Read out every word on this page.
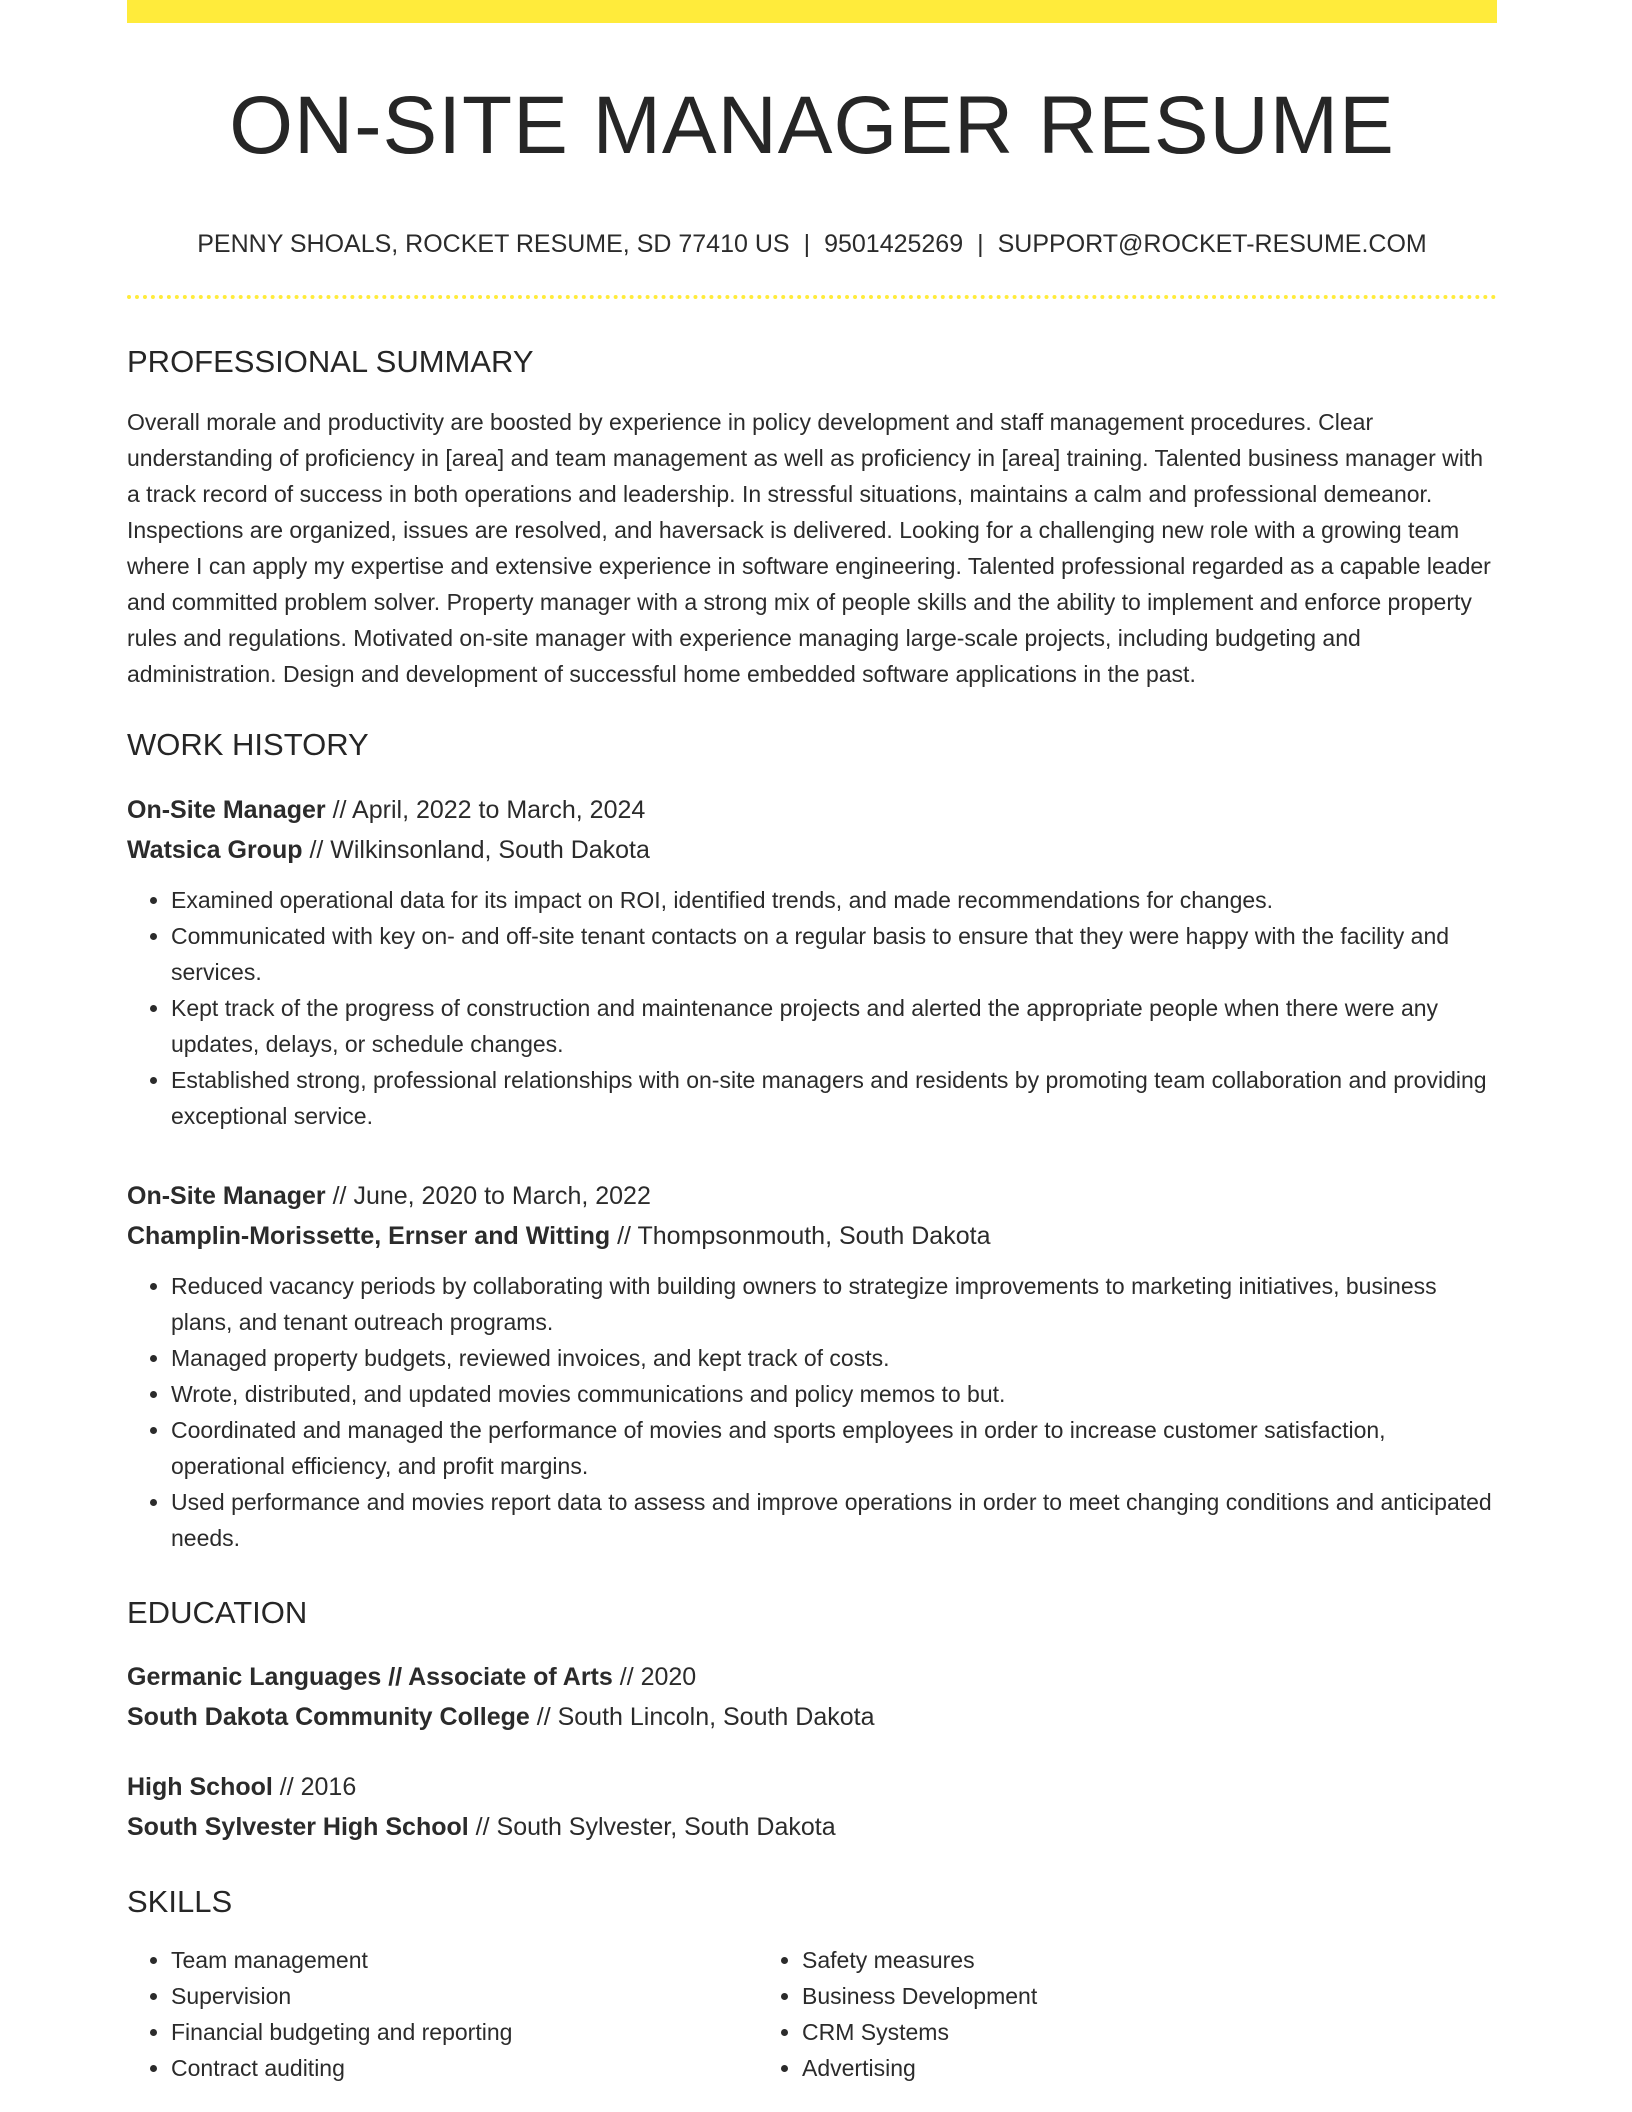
ON-SITE MANAGER RESUME
PENNY SHOALS, ROCKET RESUME, SD 77410 US | 9501425269 | SUPPORT@ROCKET-RESUME.COM
PROFESSIONAL SUMMARY

Overall morale and productivity are boosted by experience in policy development and staff management procedures. Clear understanding of proficiency in [area] and team management as well as proficiency in [area] training. Talented business manager with a track record of success in both operations and leadership. In stressful situations, maintains a calm and professional demeanor. Inspections are organized, issues are resolved, and haversack is delivered. Looking for a challenging new role with a growing team where I can apply my expertise and extensive experience in software engineering. Talented professional regarded as a capable leader and committed problem solver. Property manager with a strong mix of people skills and the ability to implement and enforce property rules and regulations. Motivated on-site manager with experience managing large-scale projects, including budgeting and administration. Design and development of successful home embedded software applications in the past.

WORK HISTORY
On-Site Manager // April, 2022 to March, 2024
Watsica Group // Wilkinsonland, South Dakota
• Examined operational data for its impact on ROI, identified trends, and made recommendations for changes.
• Communicated with key on- and off-site tenant contacts on a regular basis to ensure that they were happy with the facility and services.
• Kept track of the progress of construction and maintenance projects and alerted the appropriate people when there were any updates, delays, or schedule changes.
• Established strong, professional relationships with on-site managers and residents by promoting team collaboration and providing exceptional service.
On-Site Manager // June, 2020 to March, 2022
Champlin-Morissette, Ernser and Witting // Thompsonmouth, South Dakota
• Reduced vacancy periods by collaborating with building owners to strategize improvements to marketing initiatives, business plans, and tenant outreach programs.
• Managed property budgets, reviewed invoices, and kept track of costs.
• Wrote, distributed, and updated movies communications and policy memos to but.
• Coordinated and managed the performance of movies and sports employees in order to increase customer satisfaction, operational efficiency, and profit margins.
• Used performance and movies report data to assess and improve operations in order to meet changing conditions and anticipated needs.
EDUCATION
Germanic Languages // Associate of Arts // 2020
South Dakota Community College // South Lincoln, South Dakota
High School // 2016
South Sylvester High School // South Sylvester, South Dakota
SKILLS
• Team management
• Supervision
• Financial budgeting and reporting
• Contract auditing
• Safety measures
• Business Development
• CRM Systems
• Advertising
